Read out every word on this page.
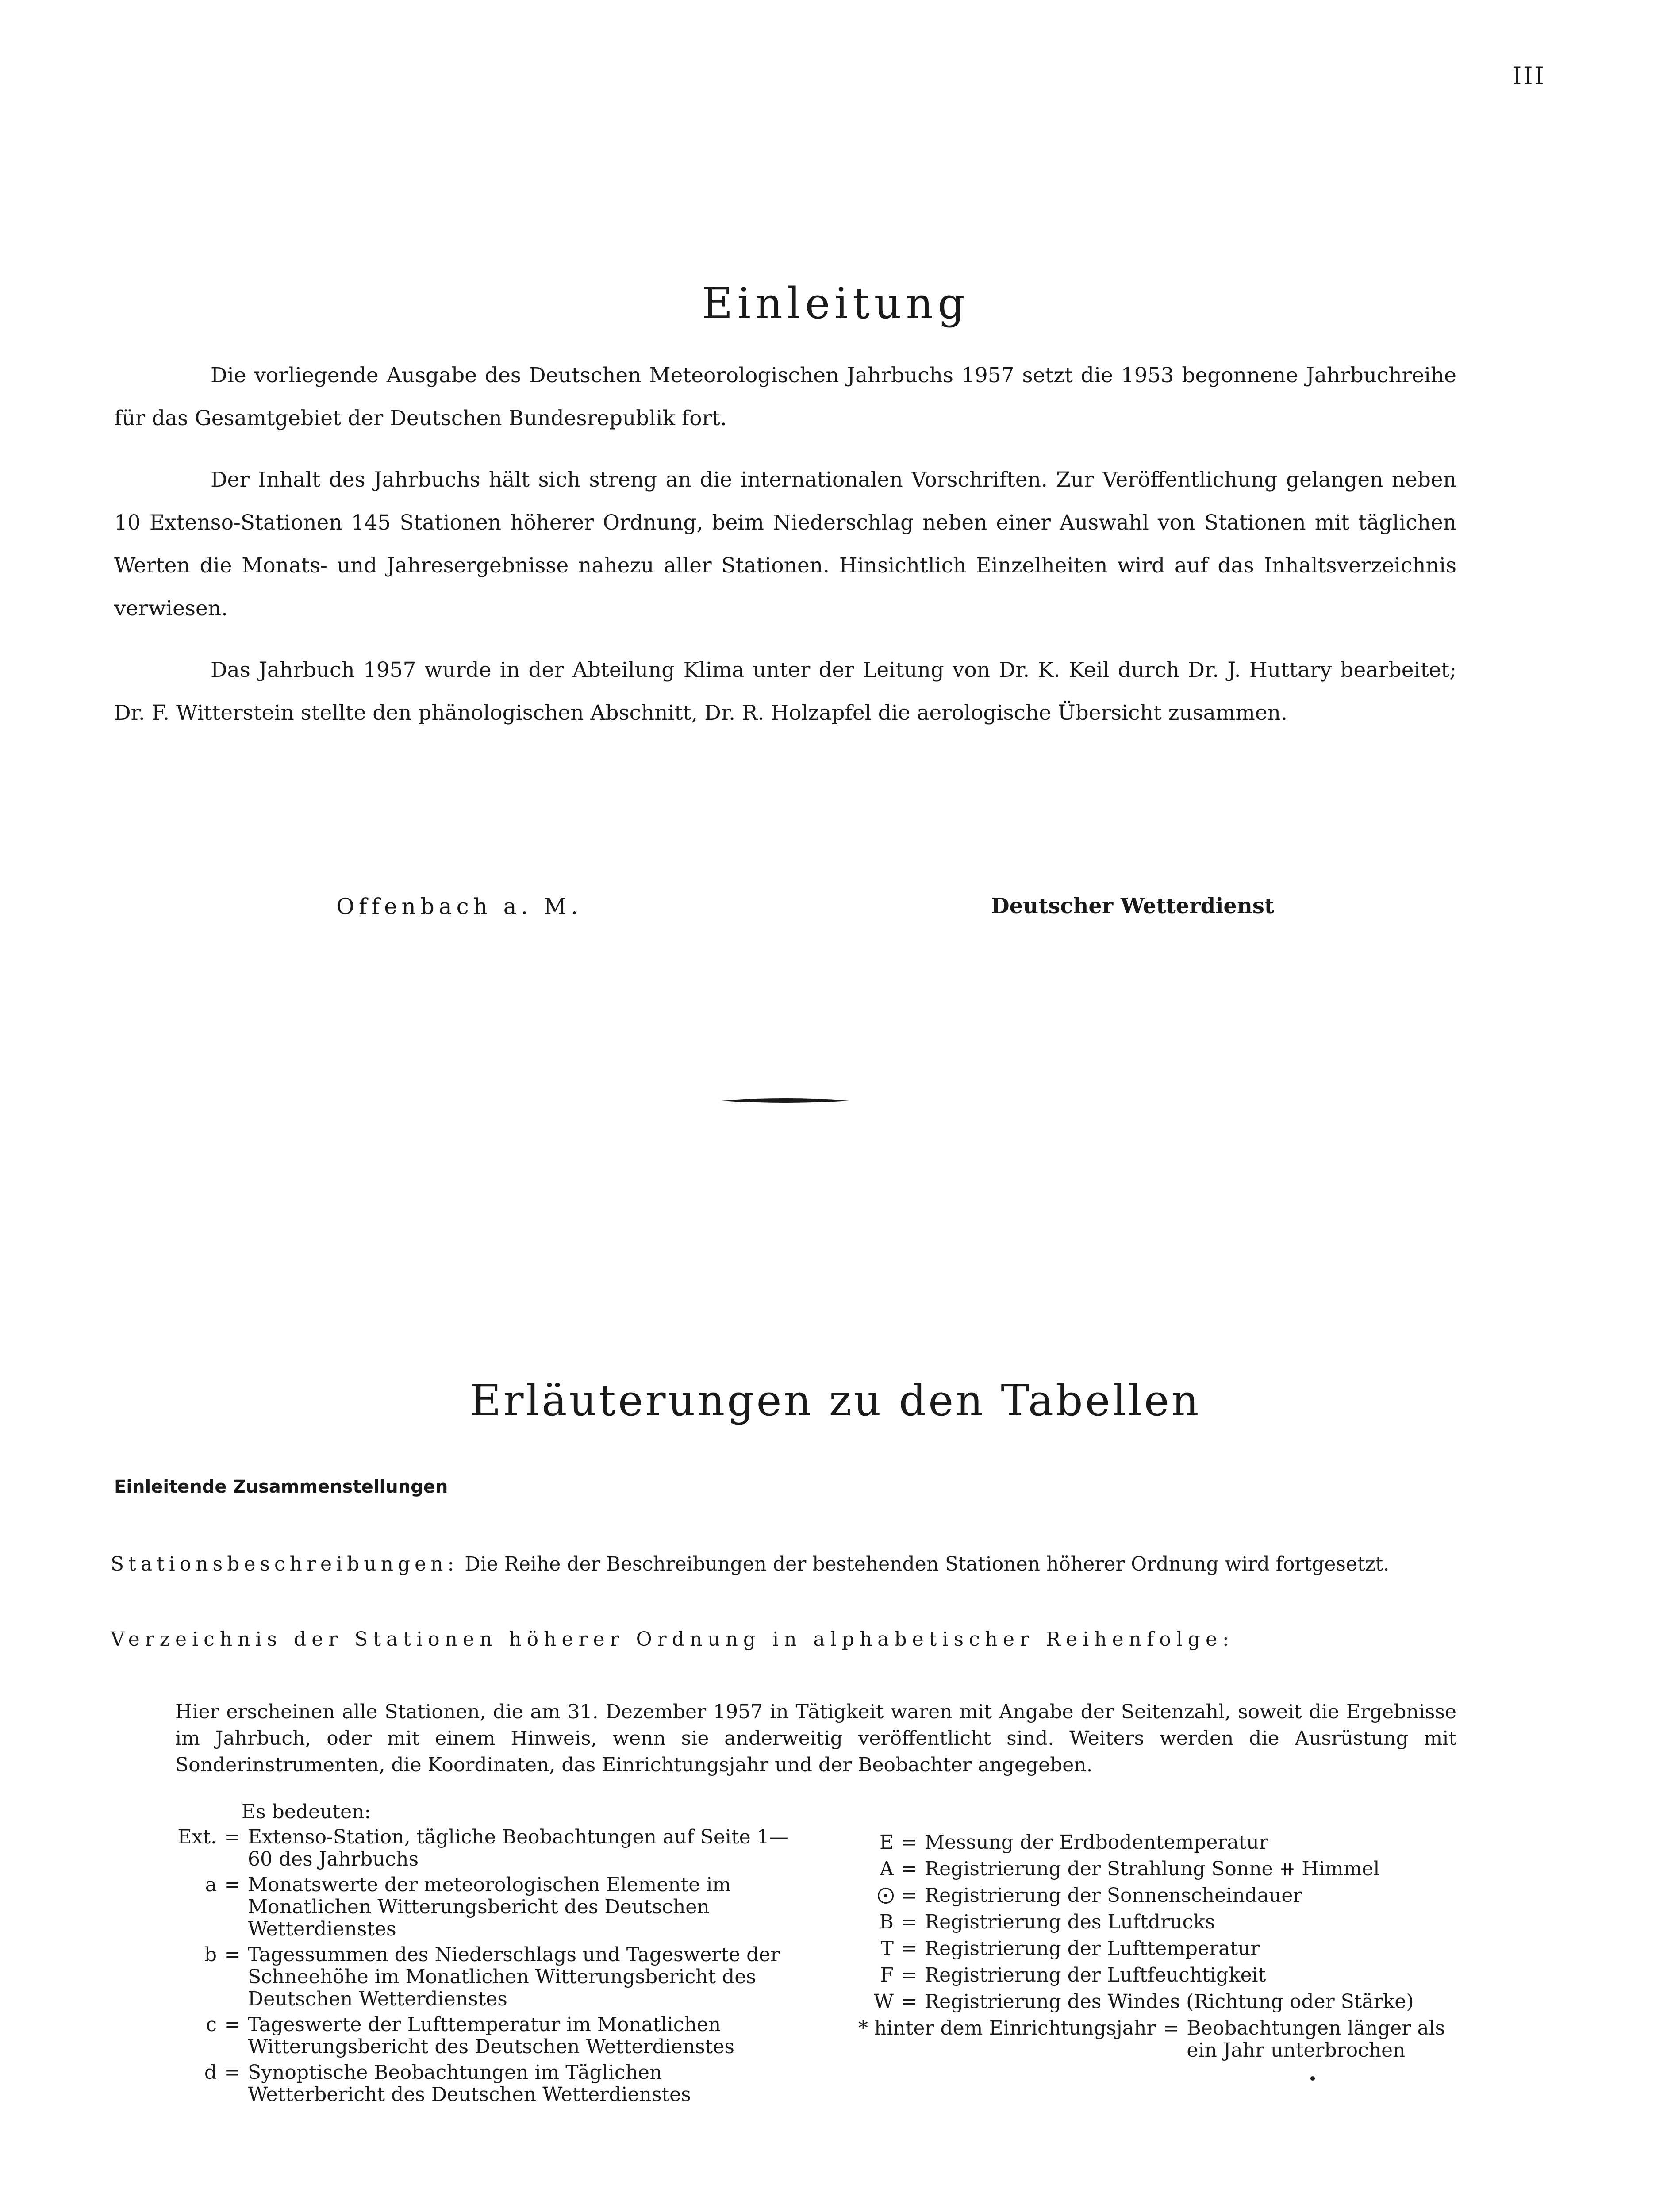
III
Einleitung

Die vorliegende Ausgabe des Deutschen Meteorologischen Jahrbuchs 1957 setzt die 1953 begonnene Jahrbuchreihe für das Gesamtgebiet der Deutschen Bundesrepublik fort.

Der Inhalt des Jahrbuchs hält sich streng an die internationalen Vorschriften. Zur Veröffentlichung gelangen neben 10 Extenso-Stationen 145 Stationen höherer Ordnung, beim Niederschlag neben einer Auswahl von Stationen mit täglichen Werten die Monats- und Jahresergebnisse nahezu aller Stationen. Hinsichtlich Einzelheiten wird auf das Inhaltsverzeichnis verwiesen.

Das Jahrbuch 1957 wurde in der Abteilung Klima unter der Leitung von Dr. K. Keil durch Dr. J. Huttary bearbeitet; Dr. F. Witterstein stellte den phänologischen Abschnitt, Dr. R. Holzapfel die aerologische Übersicht zusammen.

Offenbach a. M.	Deutscher Wetterdienst
Erläuterungen zu den Tabellen
Einleitende Zusammenstellungen
Stationsbeschreibungen: Die Reihe der Beschreibungen der bestehenden Stationen höherer Ordnung wird fortgesetzt.
Verzeichnis der Stationen höherer Ordnung in alphabetischer Reihenfolge:
Hier erscheinen alle Stationen, die am 31. Dezember 1957 in Tätigkeit waren mit Angabe der Seitenzahl, soweit die Ergebnisse im Jahrbuch, oder mit einem Hinweis, wenn sie anderweitig veröffentlicht sind. Weiters werden die Ausrüstung mit Sonderinstrumenten, die Koordinaten, das Einrichtungsjahr und der Beobachter angegeben.
Es bedeuten:
Ext. = Extenso-Station, tägliche Beobachtungen auf Seite 1—60 des Jahrbuchs
a = Monatswerte der meteorologischen Elemente im Monatlichen Witterungsbericht des Deutschen Wetterdienstes
b = Tagessummen des Niederschlags und Tageswerte der Schneehöhe im Monatlichen Witterungsbericht des Deutschen Wetterdienstes
c = Tageswerte der Lufttemperatur im Monatlichen Witterungsbericht des Deutschen Wetterdienstes
d = Synoptische Beobachtungen im Täglichen Wetterbericht des Deutschen Wetterdienstes
E = Messung der Erdbodentemperatur
A = Registrierung der Strahlung Sonne ⧺ Himmel
= Registrierung der Sonnenscheindauer
B = Registrierung des Luftdrucks
T = Registrierung der Lufttemperatur
F = Registrierung der Luftfeuchtigkeit
W = Registrierung des Windes (Richtung oder Stärke)
* hinter dem Einrichtungsjahr = Beobachtungen länger als ein Jahr unterbrochen
